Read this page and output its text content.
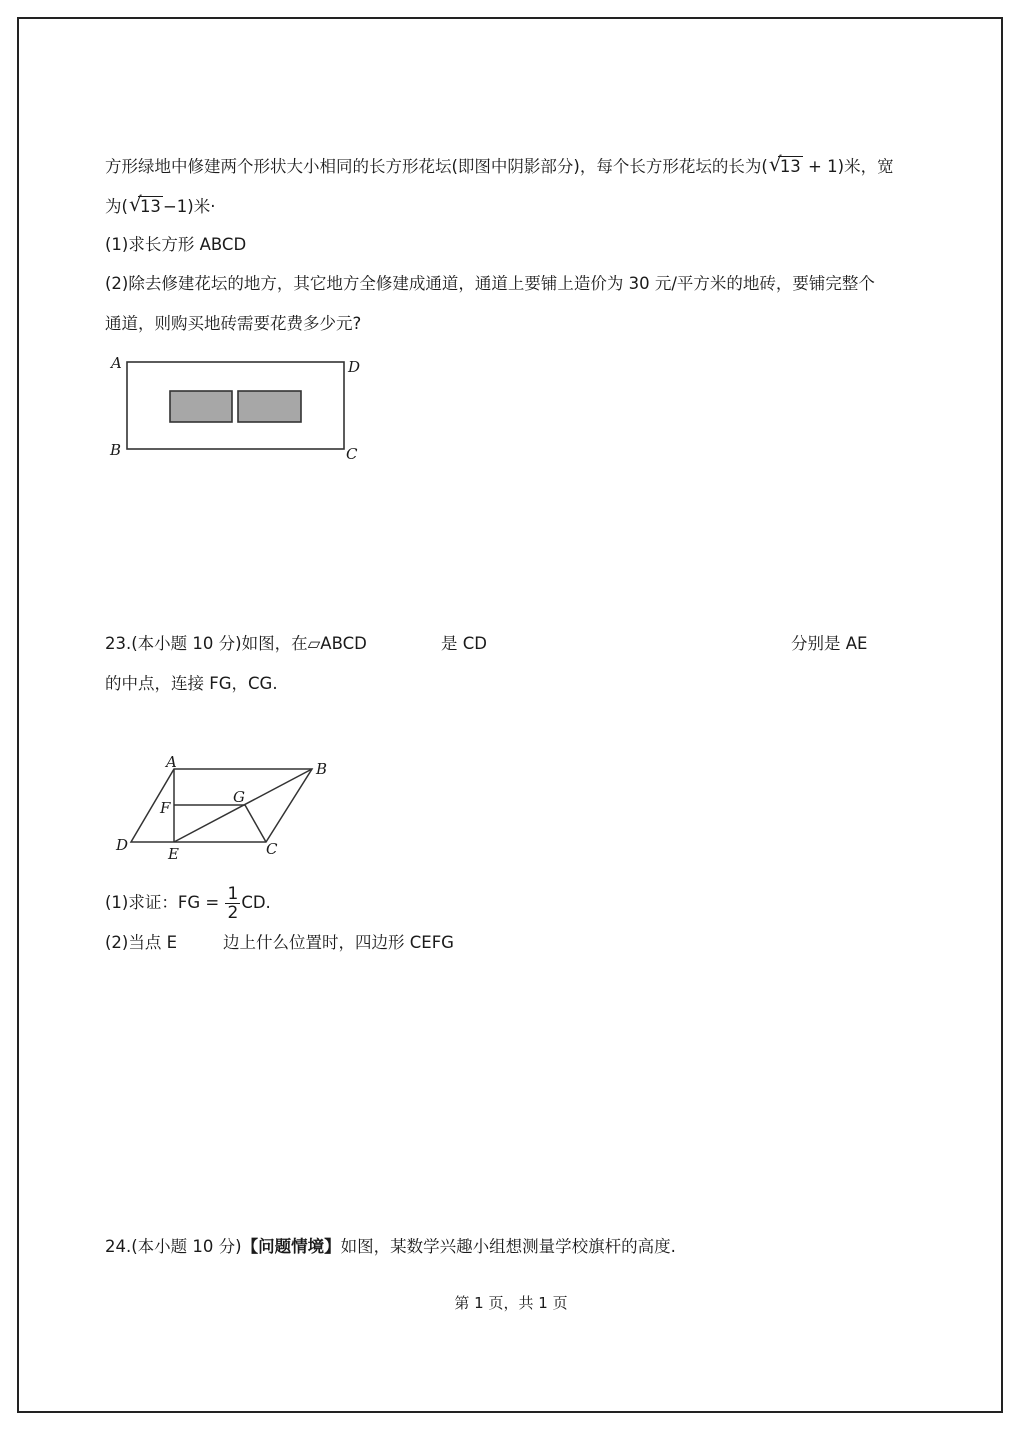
方形绿地中修建两个形状大小相同的长方形花坛(即图中阴影部分)，每个长方形花坛的长为( √
13 + 1)米，宽
为( √
13 −1)米·
(1)求长方形 ABCD
(2)除去修建花坛的地方，其它地方全修建成通道，通道上要铺上造价为 30 元/平方米的地砖，要铺完整个
通道，则购买地砖需要花费多少元?
A	D
B	C
23.(本小题 10 分)如图，在▱ABCD	是 CD	分别是 AE
的中点，连接 FG，CG.
A	B
G
F
D	E	C
(1)求证：FG = $\frac{1}{2}$ CD.
(2)当点 E	边上什么位置时，四边形 CEFG
24.(本小题 10 分)【问题情境】如图，某数学兴趣小组想测量学校旗杆的高度.
第 1 页，共 1 页
